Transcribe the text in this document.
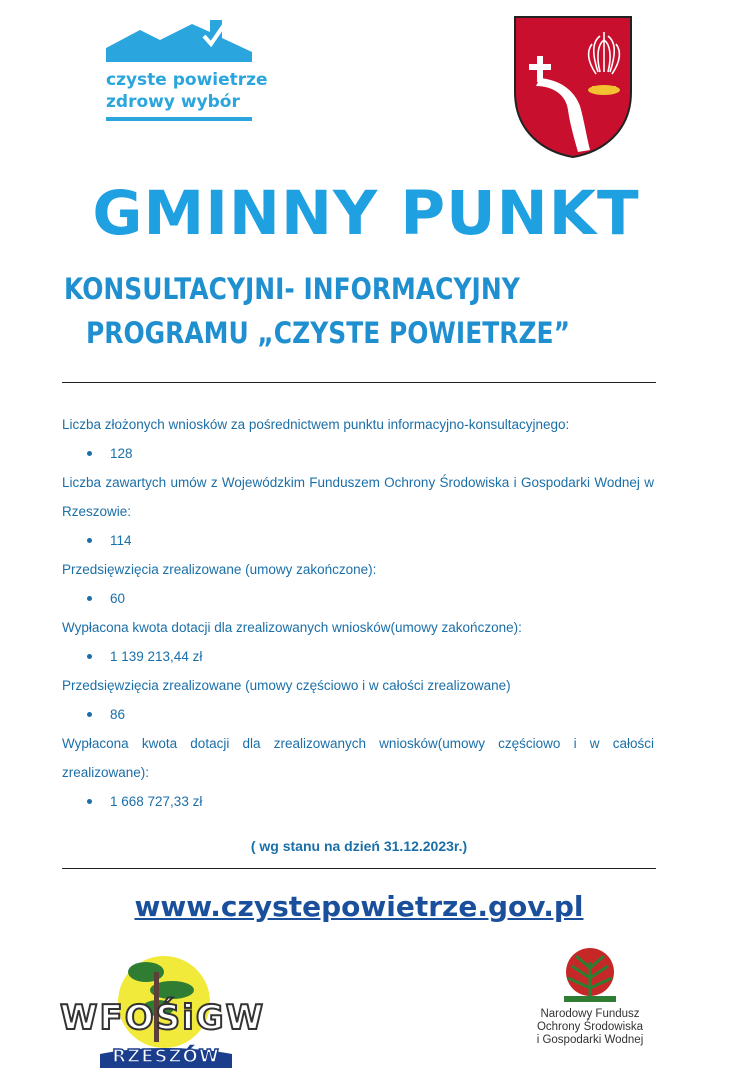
czyste powietrze
zdrowy wybór
GMINNY PUNKT
KONSULTACYJNI- INFORMACYJNY
PROGRAMU „CZYSTE POWIETRZE”
Liczba złożonych wniosków za pośrednictwem punktu informacyjno-konsultacyjnego:
128
Liczba zawartych umów z Wojewódzkim Funduszem Ochrony Środowiska i Gospodarki Wodnej w Rzeszowie:
114
Przedsięwzięcia zrealizowane (umowy zakończone):
60
Wypłacona kwota dotacji dla zrealizowanych wniosków(umowy zakończone):
1 139 213,44 zł
Przedsięwzięcia zrealizowane (umowy częściowo i w całości zrealizowane)
86
Wypłacona kwota dotacji dla zrealizowanych wniosków(umowy częściowo i w całości zrealizowane):
1 668 727,33 zł
( wg stanu na dzień 31.12.2023r.)
www.czystepowietrze.gov.pl
WFOŚiGW
RZESZÓW
Narodowy Fundusz
Ochrony Środowiska
i Gospodarki Wodnej
